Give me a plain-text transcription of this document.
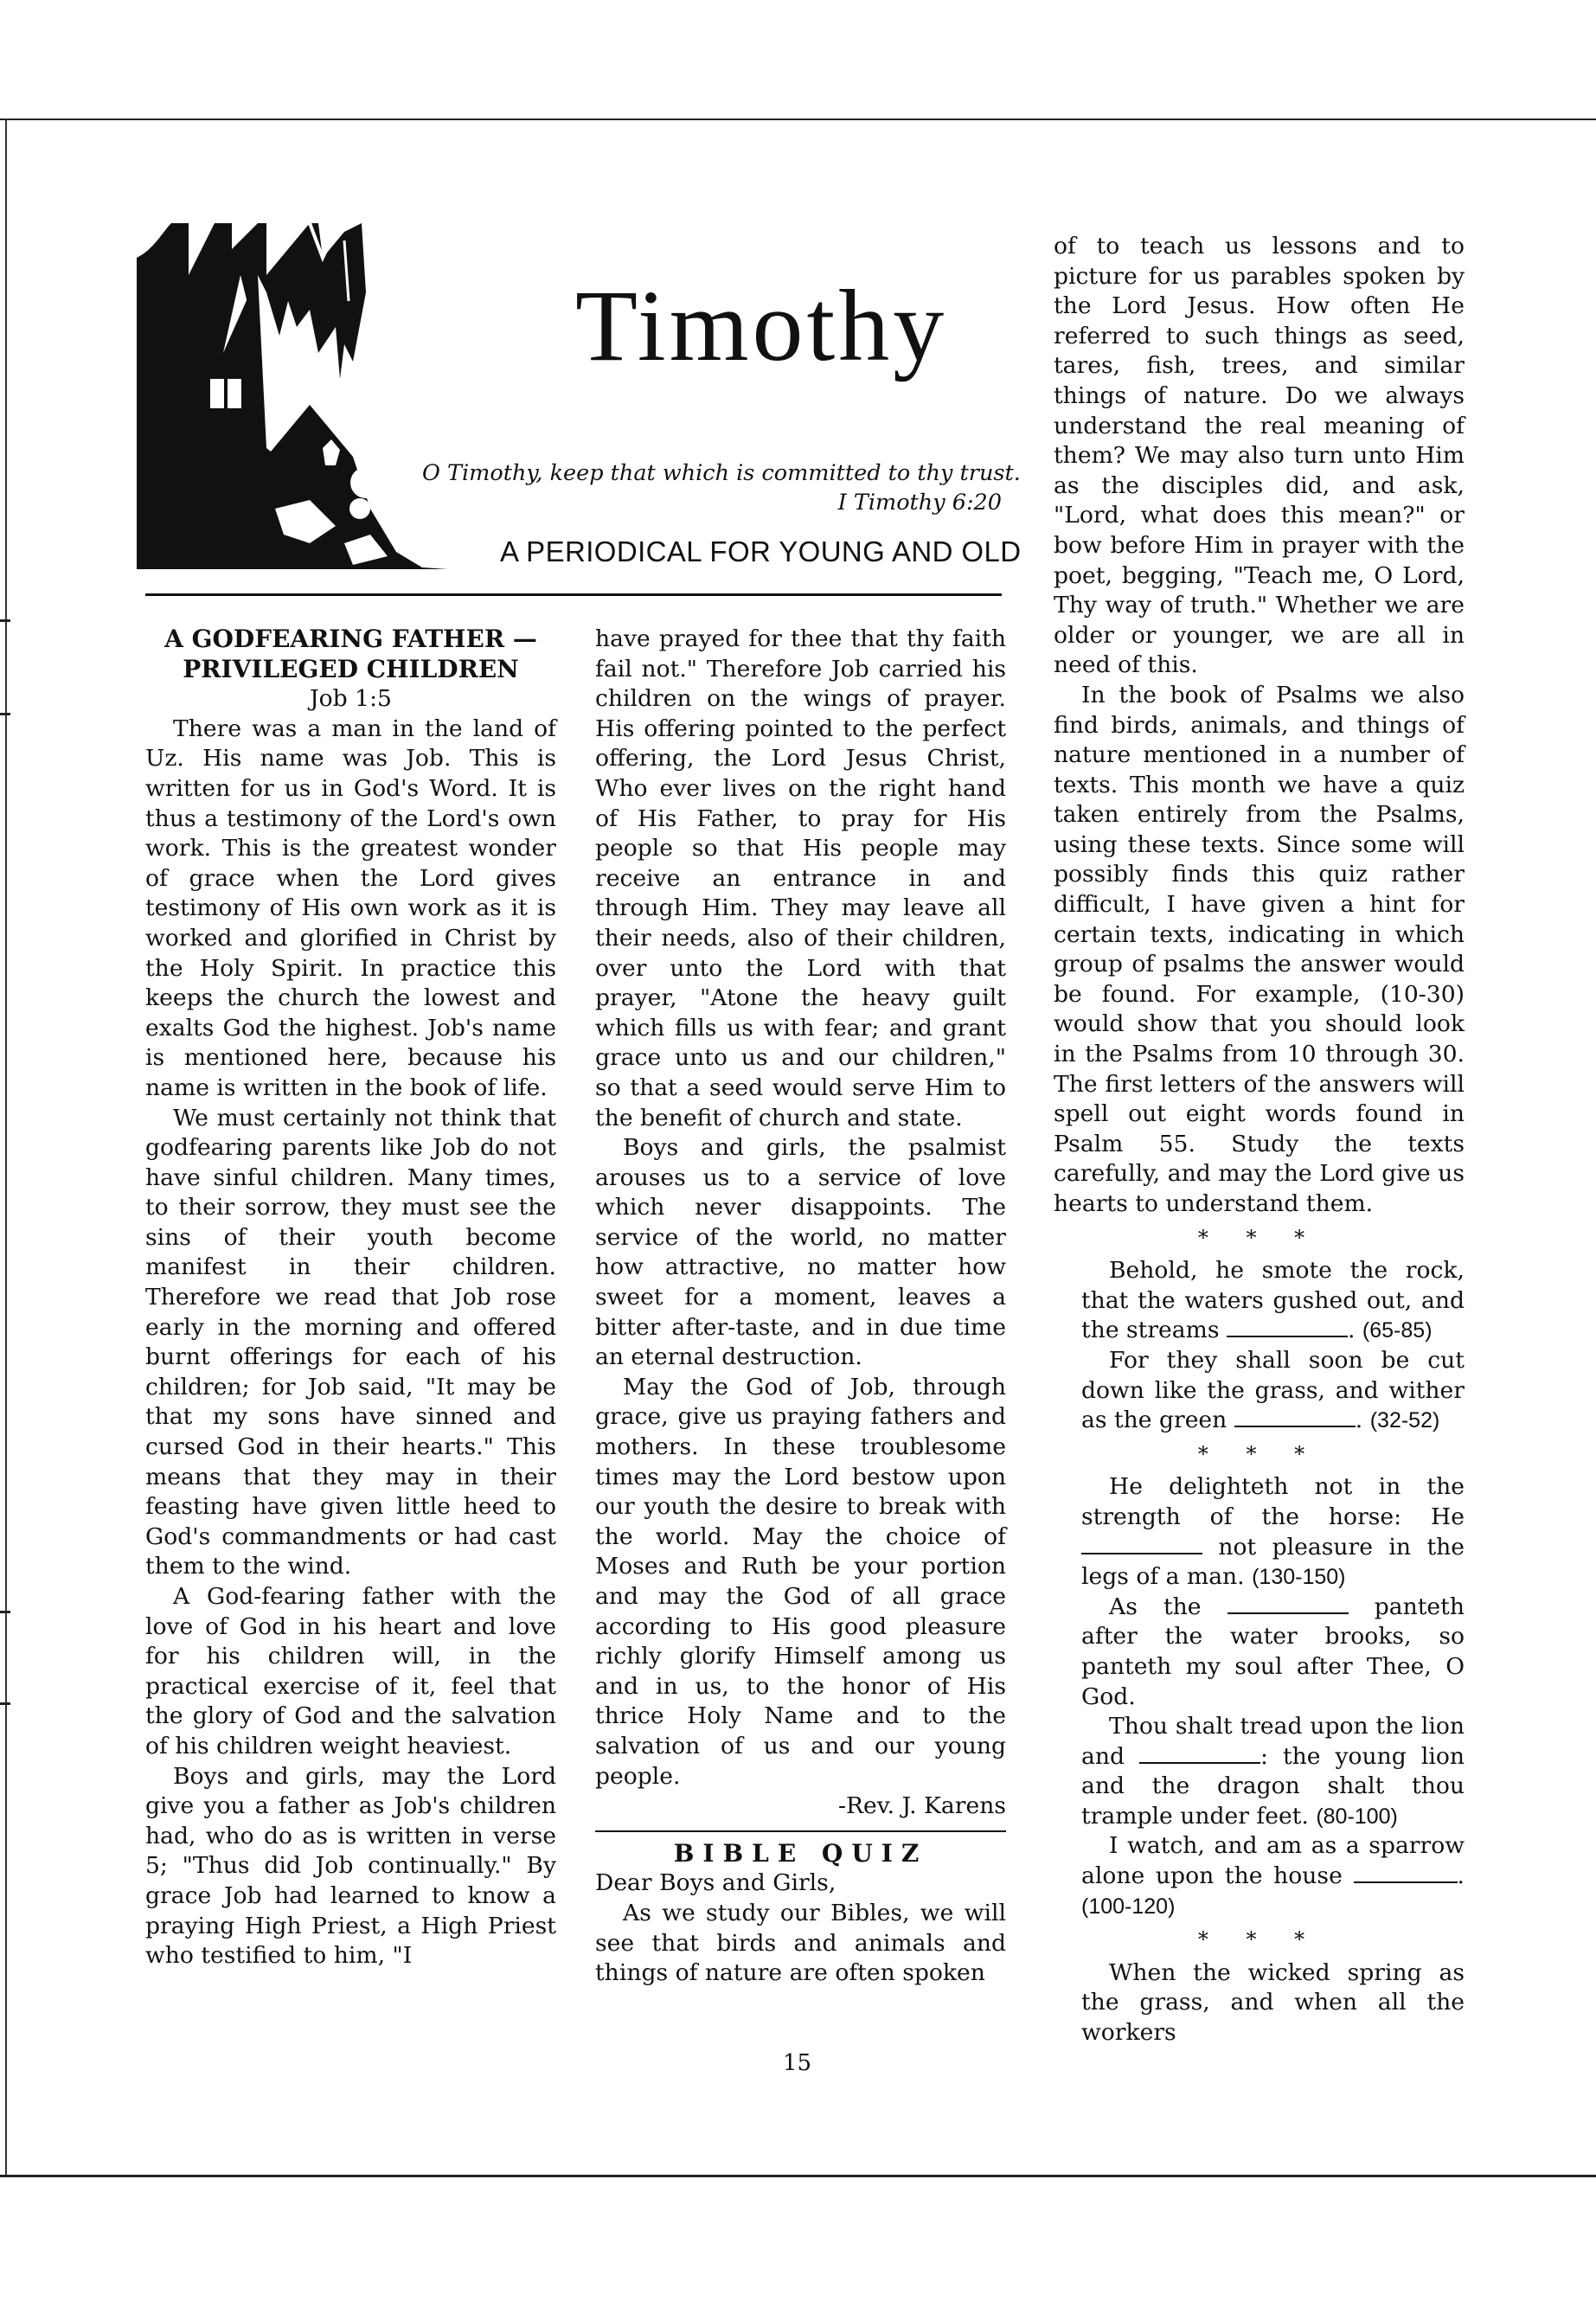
Timothy
O Timothy, keep that which is committed to thy trust.
I Timothy 6:20
A PERIODICAL FOR YOUNG AND OLD

A GODFEARING FATHER —

PRIVILEGED CHILDREN

Job 1:5

There was a man in the land of Uz. His name was Job. This is written for us in God's Word. It is thus a testimony of the Lord's own work. This is the greatest wonder of grace when the Lord gives testimony of His own work as it is worked and glorified in Christ by the Holy Spirit. In practice this keeps the church the lowest and exalts God the highest. Job's name is mentioned here, because his name is written in the book of life.

We must certainly not think that godfearing parents like Job do not have sinful children. Many times, to their sorrow, they must see the sins of their youth become manifest in their children. Therefore we read that Job rose early in the morning and offered burnt offerings for each of his children; for Job said, "It may be that my sons have sinned and cursed God in their hearts." This means that they may in their feasting have given little heed to God's commandments or had cast them to the wind.

A God-fearing father with the love of God in his heart and love for his children will, in the practical exercise of it, feel that the glory of God and the salvation of his children weight heaviest.

Boys and girls, may the Lord give you a father as Job's children had, who do as is written in verse 5; "Thus did Job continually." By grace Job had learned to know a praying High Priest, a High Priest who testified to him, "I

have prayed for thee that thy faith fail not." Therefore Job carried his children on the wings of prayer. His offering pointed to the perfect offering, the Lord Jesus Christ, Who ever lives on the right hand of His Father, to pray for His people so that His people may receive an entrance in and through Him. They may leave all their needs, also of their children, over unto the Lord with that prayer, "Atone the heavy guilt which fills us with fear; and grant grace unto us and our children," so that a seed would serve Him to the benefit of church and state.

Boys and girls, the psalmist arouses us to a service of love which never disappoints. The service of the world, no matter how attractive, no matter how sweet for a moment, leaves a bitter after-taste, and in due time an eternal destruction.

May the God of Job, through grace, give us praying fathers and mothers. In these troublesome times may the Lord bestow upon our youth the desire to break with the world. May the choice of Moses and Ruth be your portion and may the God of all grace according to His good pleasure richly glorify Himself among us and in us, to the honor of His thrice Holy Name and to the salvation of us and our young people.

-Rev. J. Karens

BIBLE QUIZ

Dear Boys and Girls,

As we study our Bibles, we will see that birds and animals and things of nature are often spoken

of to teach us lessons and to picture for us parables spoken by the Lord Jesus. How often He referred to such things as seed, tares, fish, trees, and similar things of nature. Do we always understand the real meaning of them? We may also turn unto Him as the disciples did, and ask, "Lord, what does this mean?" or bow before Him in prayer with the poet, begging, "Teach me, O Lord, Thy way of truth." Whether we are older or younger, we are all in need of this.

In the book of Psalms we also find birds, animals, and things of nature mentioned in a number of texts. This month we have a quiz taken entirely from the Psalms, using these texts. Since some will possibly finds this quiz rather difficult, I have given a hint for certain texts, indicating in which group of psalms the answer would be found. For example, (10-30) would show that you should look in the Psalms from 10 through 30. The first letters of the answers will spell out eight words found in Psalm 55. Study the texts carefully, and may the Lord give us hearts to understand them.

* * *

Behold, he smote the rock, that the waters gushed out, and the streams	. (65-85)

For they shall soon be cut down like the grass, and wither as the green	. (32-52)

* * *

He delighteth not in the strength of the horse: He  not pleasure in the legs of a man. (130-150)

As the	panteth after the water brooks, so panteth my soul after Thee, O God.

Thou shalt tread upon the lion and	: the young lion and the dragon shalt thou trample under feet. (80-100)

I watch, and am as a sparrow alone upon the house	. (100-120)

* * *

When the wicked spring as the grass, and when all the workers

15
